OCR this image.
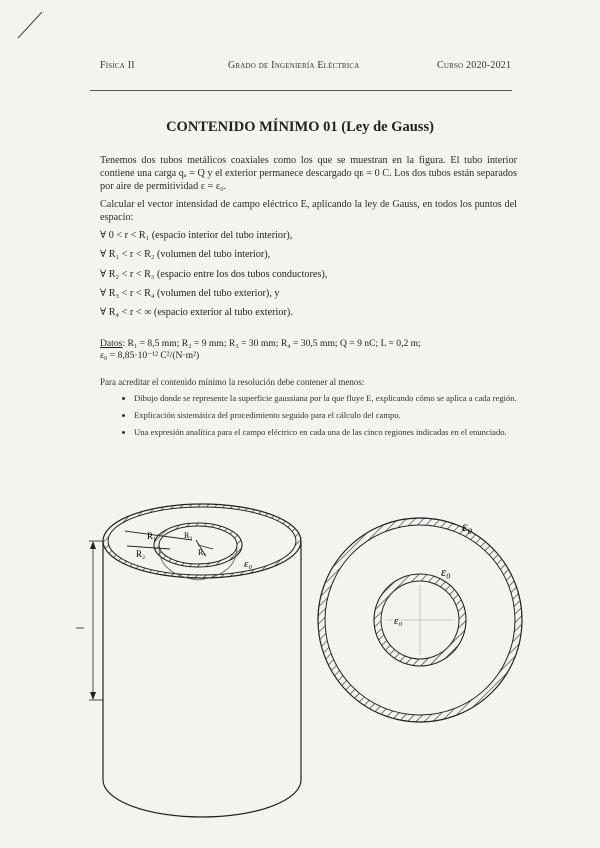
Física II	Grado de Ingeniería Eléctrica	Curso 2020-2021
CONTENIDO MÍNIMO 01 (Ley de Gauss)
Tenemos dos tubos metálicos coaxiales como los que se muestran en la figura. El tubo interior contiene una carga qₐ = Q y el exterior permanece descargado qᴇ = 0 C. Los dos tubos están separados por aire de permitividad ε = ε₀.
Calcular el vector intensidad de campo eléctrico E, aplicando la ley de Gauss, en todos los puntos del espacio:
∀ 0 < r < R₁ (espacio interior del tubo interior),
∀ R₁ < r < R₂ (volumen del tubo interior),
∀ R₂ < r < R₃ (espacio entre los dos tubos conductores),
∀ R₃ < r < R₄ (volumen del tubo exterior), y
∀ R₄ < r < ∞ (espacio exterior al tubo exterior).
Datos: R₁ = 8,5 mm; R₂ = 9 mm; R₃ = 30 mm; R₄ = 30,5 mm; Q = 9 nC; L = 0,2 m;
ε₀ = 8,85·10⁻¹² C²/(N·m²)
Para acreditar el contenido mínimo la resolución debe contener al menos:
• Dibujo donde se represente la superficie gaussiana por la que fluye E, explicando cómo se aplica a cada región.
• Explicación sistemática del procedimiento seguido para el cálculo del campo.
• Una expresión analítica para el campo eléctrico en cada una de las cinco regiones indicadas en el enunciado.
R₁
R₂
R₃
R₄
ε₀
L
ε₀
ε₀
ε₀
